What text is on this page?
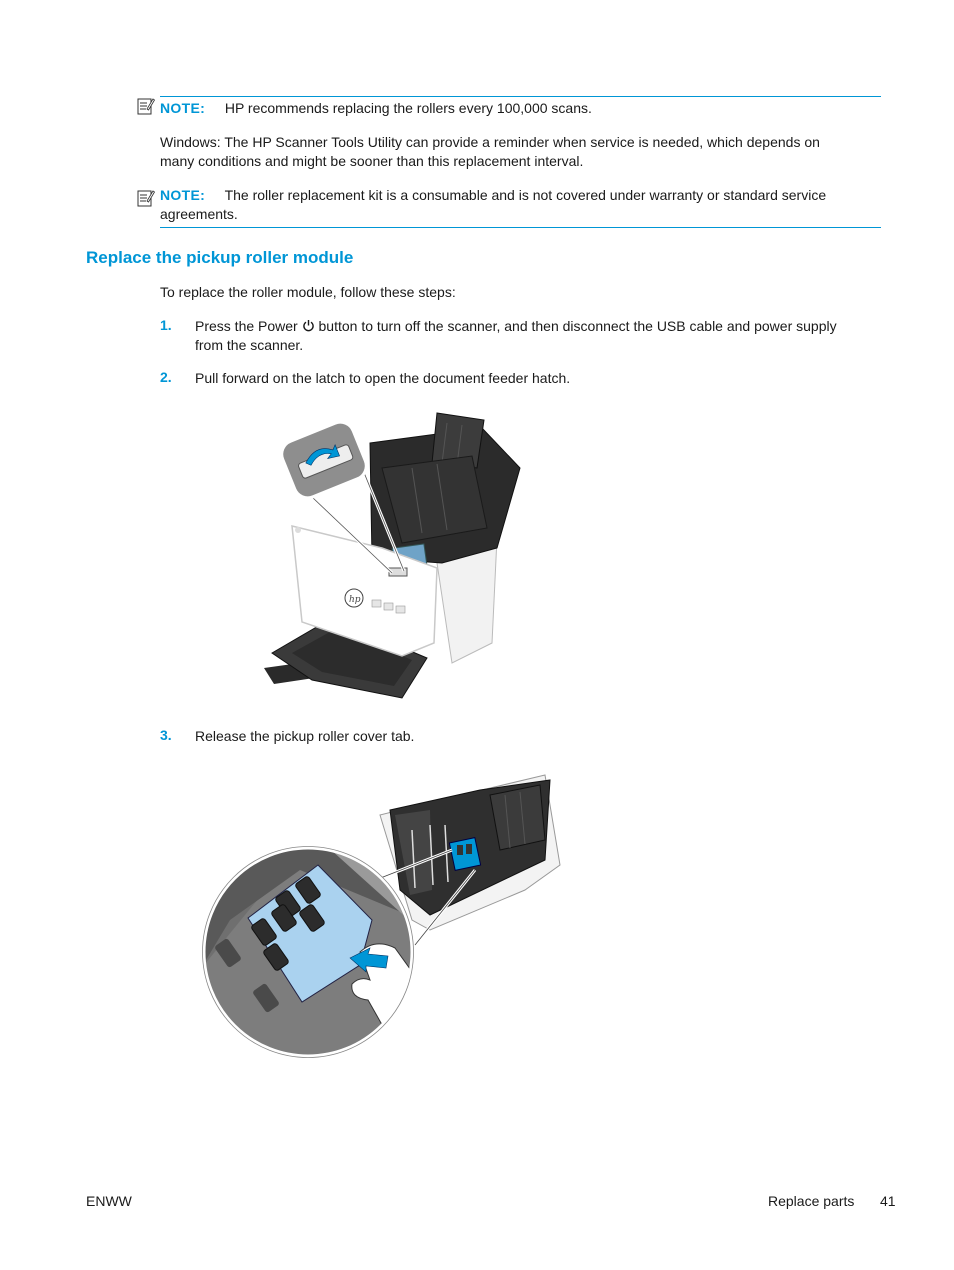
NOTE: HP recommends replacing the rollers every 100,000 scans.
Windows: The HP Scanner Tools Utility can provide a reminder when service is needed, which depends on
many conditions and might be sooner than this replacement interval.
NOTE: The roller replacement kit is a consumable and is not covered under warranty or standard service
agreements.
Replace the pickup roller module
To replace the roller module, follow these steps:
1. Press the Power button to turn off the scanner, and then disconnect the USB cable and power supply
from the scanner.
2. Pull forward on the latch to open the document feeder hatch.
hp
3. Release the pickup roller cover tab.
ENWW	Replace parts 41
